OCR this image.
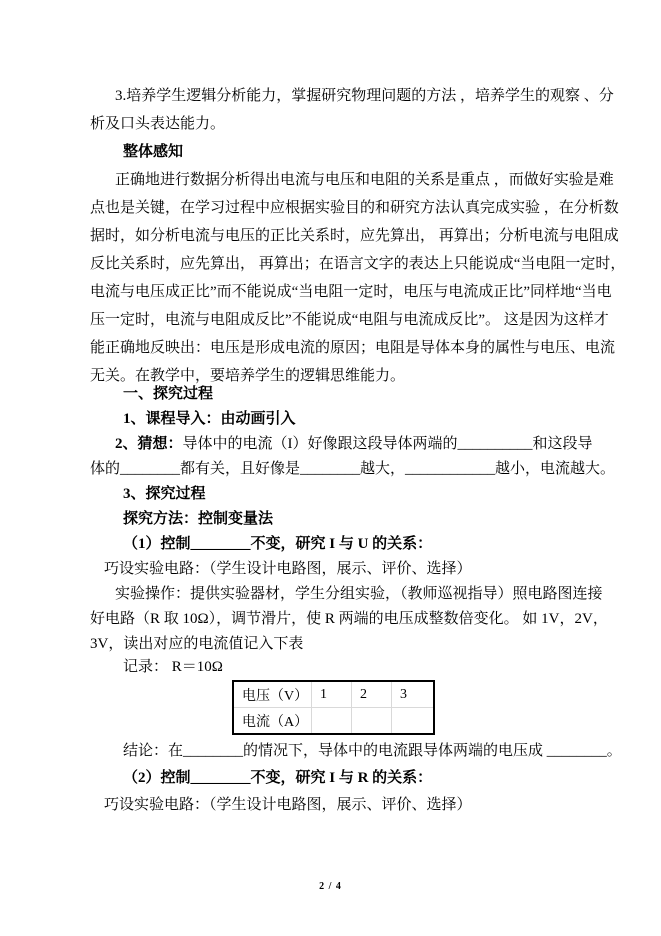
3.培养学生逻辑分析能力，掌握研究物理问题的方法 ，培养学生的观察 、分
析及口头表达能力。
整体感知
正确地进行数据分析得出电流与电压和电阻的关系是重点 ，而做好实验是难
点也是关键，在学习过程中应根据实验目的和研究方法认真完成实验 ，在分析数
据时，如分析电流与电压的正比关系时，应先算出， 再算出；分析电流与电阻成
反比关系时，应先算出， 再算出；在语言文字的表达上只能说成“当电阻一定时，
电流与电压成正比”而不能说成“当电阻一定时，电压与电流成正比”同样地“当电
压一定时，电流与电阻成反比”不能说成“电阻与电流成反比”。 这是因为这样才
能正确地反映出：电压是形成电流的原因；电阻是导体本身的属性与电压、电流
无关。在教学中，要培养学生的逻辑思维能力。
一、探究过程
1、课程导入：由动画引入
2、猜想：导体中的电流（I）好像跟这段导体两端的__________和这段导
体的________都有关，且好像是________越大，____________越小，电流越大。
3、探究过程
探究方法：控制变量法
（1）控制________不变，研究 I 与 U 的关系：
巧设实验电路：（学生设计电路图，展示、评价、选择）
实验操作：提供实验器材，学生分组实验，（教师巡视指导）照电路图连接
好电路（R 取 10Ω），调节滑片，使 R 两端的电压成整数倍变化。 如 1V，2V，
3V，读出对应的电流值记入下表
记录： R＝10Ω
电压（V）	1	2	3
电流（A）			
结论：在________的情况下，导体中的电流跟导体两端的电压成 ________。
（2）控制________不变，研究 I 与 R 的关系：
巧设实验电路：（学生设计电路图，展示、评价、选择）
2 / 4
